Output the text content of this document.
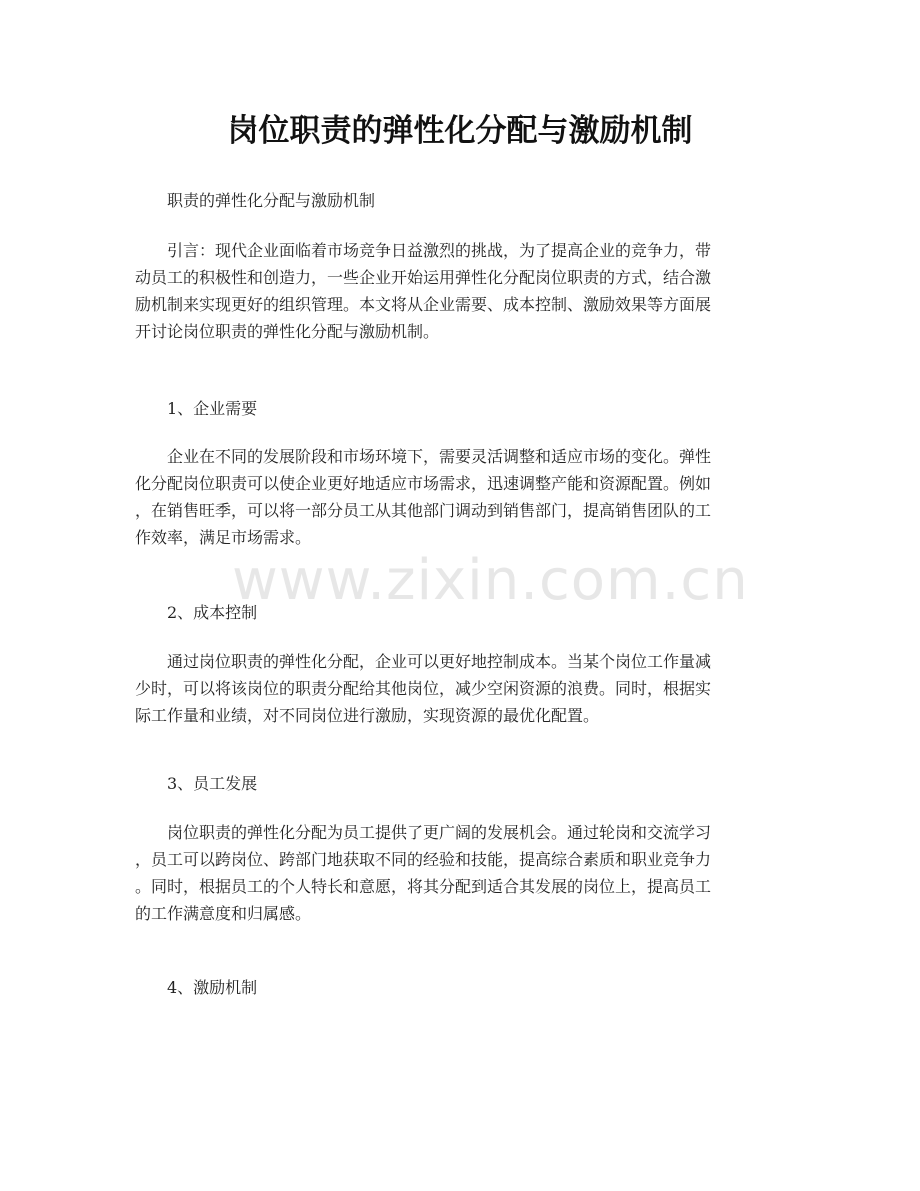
岗位职责的弹性化分配与激励机制
职责的弹性化分配与激励机制

引言：现代企业面临着市场竞争日益激烈的挑战，为了提高企业的竞争力，带

动员工的积极性和创造力，一些企业开始运用弹性化分配岗位职责的方式，结合激

励机制来实现更好的组织管理。本文将从企业需要、成本控制、激励效果等方面展

开讨论岗位职责的弹性化分配与激励机制。

1、企业需要

企业在不同的发展阶段和市场环境下，需要灵活调整和适应市场的变化。弹性

化分配岗位职责可以使企业更好地适应市场需求，迅速调整产能和资源配置。例如

，在销售旺季，可以将一部分员工从其他部门调动到销售部门，提高销售团队的工

作效率，满足市场需求。

2、成本控制

通过岗位职责的弹性化分配，企业可以更好地控制成本。当某个岗位工作量减

少时，可以将该岗位的职责分配给其他岗位，减少空闲资源的浪费。同时，根据实

际工作量和业绩，对不同岗位进行激励，实现资源的最优化配置。

3、员工发展

岗位职责的弹性化分配为员工提供了更广阔的发展机会。通过轮岗和交流学习

，员工可以跨岗位、跨部门地获取不同的经验和技能，提高综合素质和职业竞争力

。同时，根据员工的个人特长和意愿，将其分配到适合其发展的岗位上，提高员工

的工作满意度和归属感。

4、激励机制
www.zixin.com.cn
